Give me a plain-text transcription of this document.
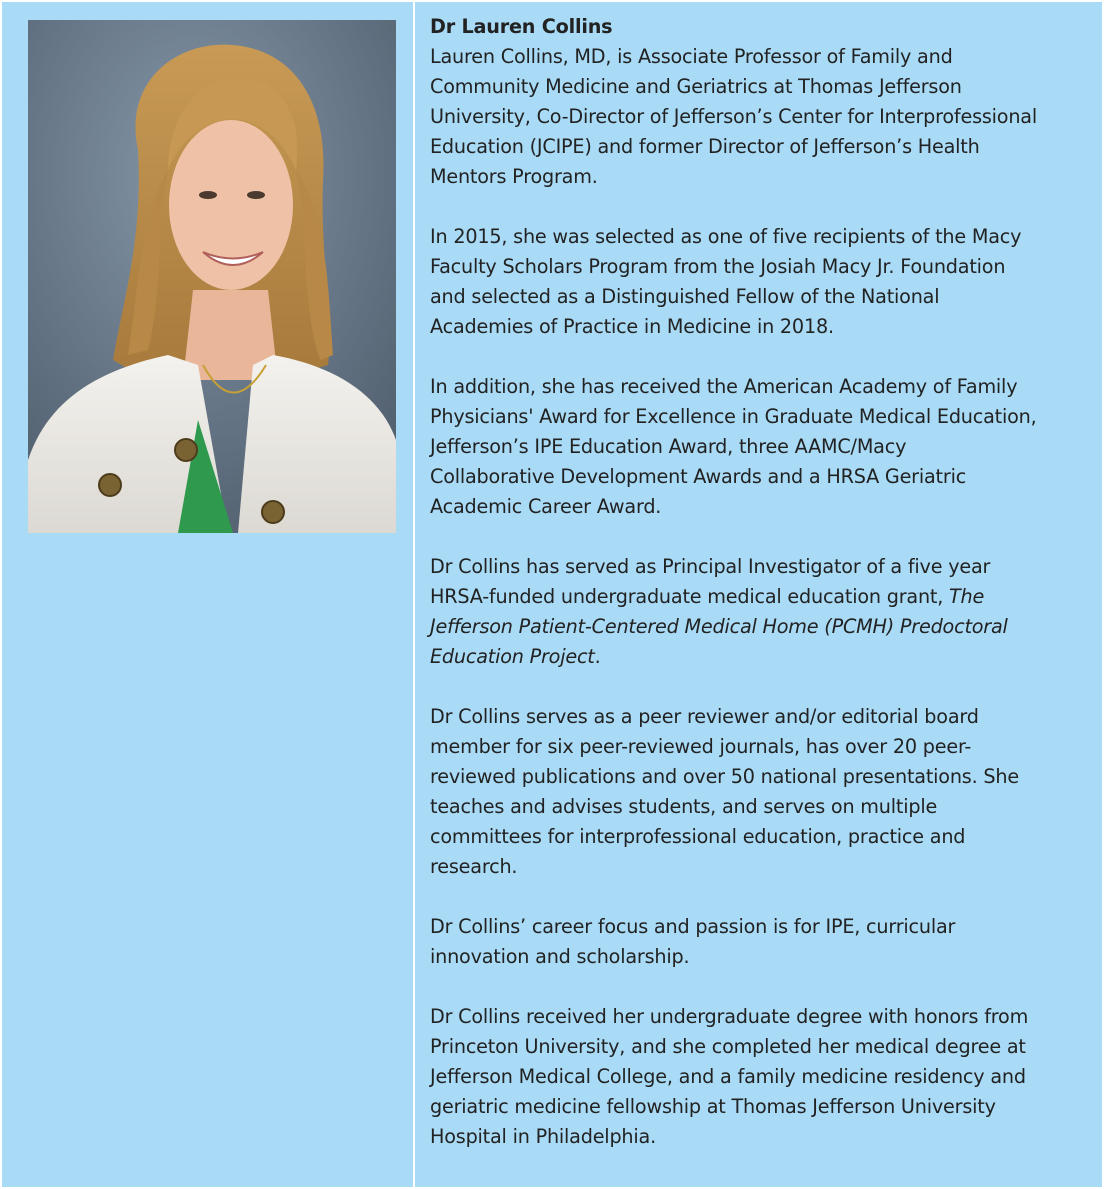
Dr Lauren Collins

Lauren Collins, MD, is Associate Professor of Family and
Community Medicine and Geriatrics at Thomas Jefferson
University, Co-Director of Jefferson’s Center for Interprofessional
Education (JCIPE) and former Director of Jefferson’s Health
Mentors Program.

In 2015, she was selected as one of five recipients of the Macy
Faculty Scholars Program from the Josiah Macy Jr. Foundation
and selected as a Distinguished Fellow of the National
Academies of Practice in Medicine in 2018.

In addition, she has received the American Academy of Family
Physicians' Award for Excellence in Graduate Medical Education,
Jefferson’s IPE Education Award, three AAMC/Macy
Collaborative Development Awards and a HRSA Geriatric
Academic Career Award.

Dr Collins has served as Principal Investigator of a five year
HRSA-funded undergraduate medical education grant, The
Jefferson Patient-Centered Medical Home (PCMH) Predoctoral
Education Project.

Dr Collins serves as a peer reviewer and/or editorial board
member for six peer-reviewed journals, has over 20 peer-
reviewed publications and over 50 national presentations. She
teaches and advises students, and serves on multiple
committees for interprofessional education, practice and
research.

Dr Collins’ career focus and passion is for IPE, curricular
innovation and scholarship.

Dr Collins received her undergraduate degree with honors from
Princeton University, and she completed her medical degree at
Jefferson Medical College, and a family medicine residency and
geriatric medicine fellowship at Thomas Jefferson University
Hospital in Philadelphia.
